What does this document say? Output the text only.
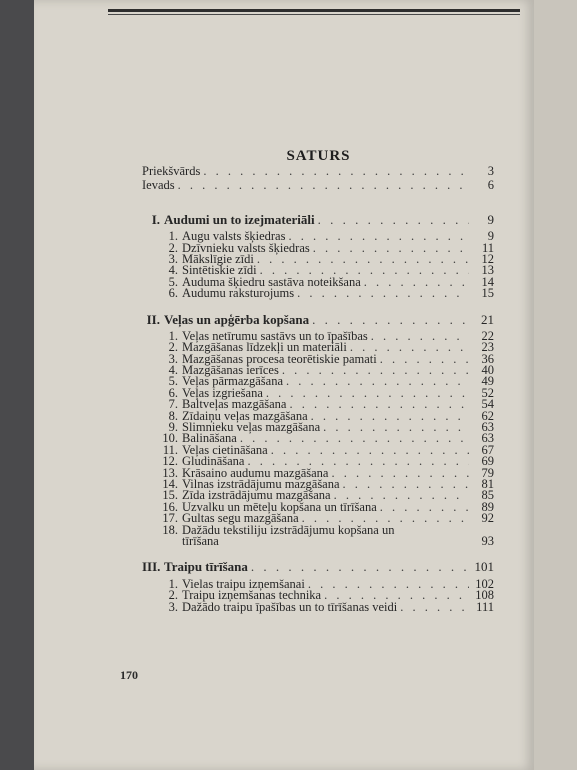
SATURS
Priekšvārds . . .	3
Ievads . . .	6
I. Audumi un to izejmateriāli . . .	9
1. Augu valsts šķiedras . . .	9
2. Dzīvnieku valsts šķiedras . . .	11
3. Mākslīgie zīdi . . .	12
4. Sintētiskie zīdi . . .	13
5. Auduma šķiedru sastāva noteikšana . . .	14
6. Audumu raksturojums . . .	15
II. Veļas un apģērba kopšana . . .	21
1. Veļas netīrumu sastāvs un to īpašības . . .	22
2. Mazgāšanas līdzekļi un materiāli . . .	23
3. Mazgāšanas procesa teorētiskie pamati . . .	36
4. Mazgāšanas ierīces . . .	40
5. Veļas pārmazgāšana . . .	49
6. Veļas izgriešana . . .	52
7. Baltveļas mazgāšana . . .	54
8. Zīdaiņu veļas mazgāšana . . .	62
9. Slimnieku veļas mazgāšana . . .	63
10. Balināšana . . .	63
11. Veļas cietināšana . . .	67
12. Gludināšana . . .	69
13. Krāsaino audumu mazgāšana . . .	79
14. Vilnas izstrādājumu mazgāšana . . .	81
15. Zīda izstrādājumu mazgāšana . . .	85
16. Uzvalku un mēteļu kopšana un tīrīšana . . .	89
17. Gultas segu mazgāšana . . .	92
18. Dažādu tekstiliju izstrādājumu kopšana un
tīrīšana	93
III. Traipu tīrīšana . . .	101
1. Vielas traipu izņemšanai . . .	102
2. Traipu izņemšanas technika . . .	108
3. Dažādo traipu īpašības un to tīrīšanas veidi . . .	111
170
